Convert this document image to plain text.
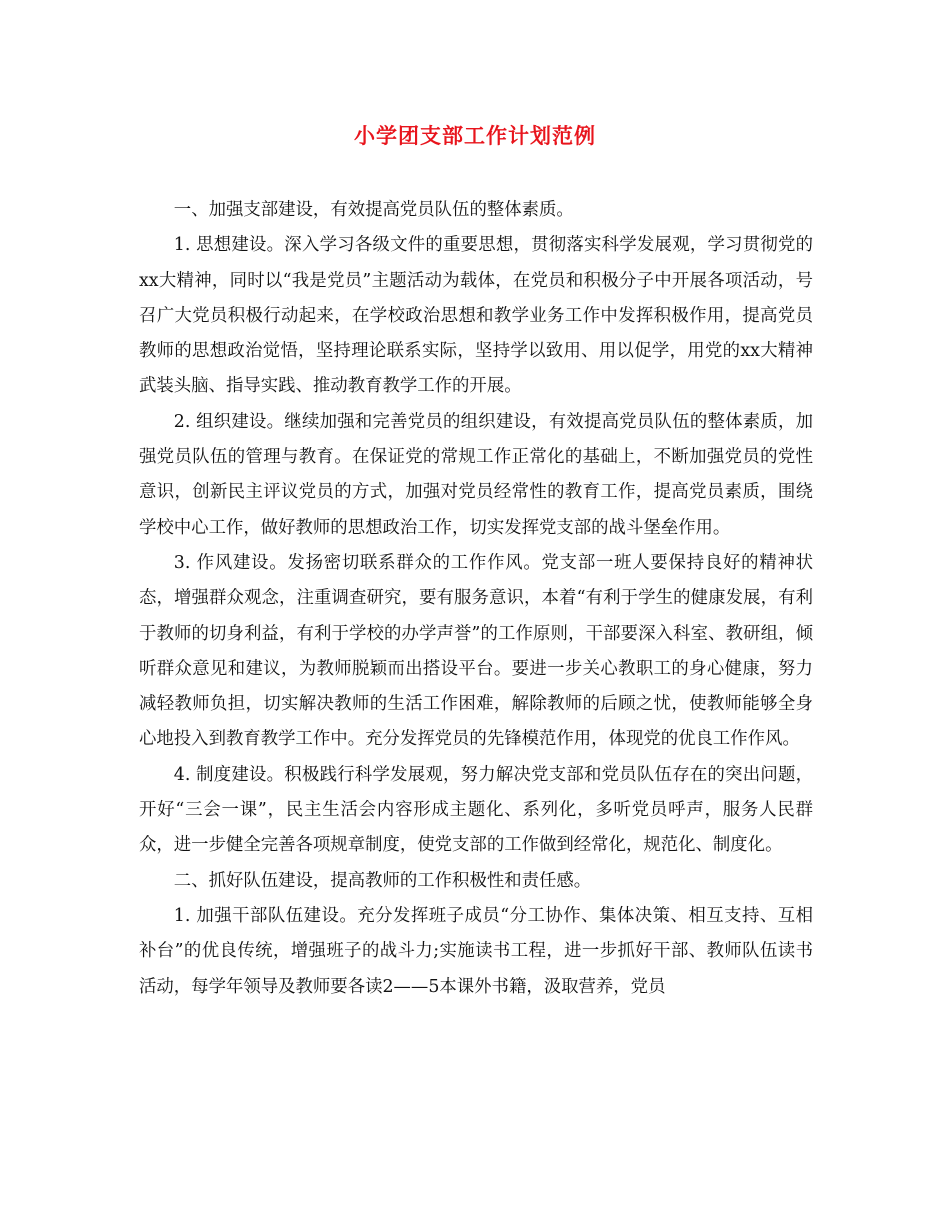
小学团支部工作计划范例

一、加强支部建设，有效提高党员队伍的整体素质。

1. 思想建设。深入学习各级文件的重要思想，贯彻落实科学发展观，学习贯彻党的xx大精神，同时以“我是党员”主题活动为载体，在党员和积极分子中开展各项活动，号召广大党员积极行动起来，在学校政治思想和教学业务工作中发挥积极作用，提高党员教师的思想政治觉悟，坚持理论联系实际，坚持学以致用、用以促学，用党的xx大精神武装头脑、指导实践、推动教育教学工作的开展。

2. 组织建设。继续加强和完善党员的组织建设，有效提高党员队伍的整体素质，加强党员队伍的管理与教育。在保证党的常规工作正常化的基础上，不断加强党员的党性意识，创新民主评议党员的方式，加强对党员经常性的教育工作，提高党员素质，围绕学校中心工作，做好教师的思想政治工作，切实发挥党支部的战斗堡垒作用。

3. 作风建设。发扬密切联系群众的工作作风。党支部一班人要保持良好的精神状态，增强群众观念，注重调查研究，要有服务意识，本着“有利于学生的健康发展，有利于教师的切身利益，有利于学校的办学声誉”的工作原则，干部要深入科室、教研组，倾听群众意见和建议，为教师脱颖而出搭设平台。要进一步关心教职工的身心健康，努力减轻教师负担，切实解决教师的生活工作困难，解除教师的后顾之忧，使教师能够全身心地投入到教育教学工作中。充分发挥党员的先锋模范作用，体现党的优良工作作风。

4. 制度建设。积极践行科学发展观，努力解决党支部和党员队伍存在的突出问题，开好“三会一课”，民主生活会内容形成主题化、系列化，多听党员呼声，服务人民群众，进一步健全完善各项规章制度，使党支部的工作做到经常化，规范化、制度化。

二、抓好队伍建设，提高教师的工作积极性和责任感。

1. 加强干部队伍建设。充分发挥班子成员“分工协作、集体决策、相互支持、互相补台”的优良传统，增强班子的战斗力;实施读书工程，进一步抓好干部、教师队伍读书活动，每学年领导及教师要各读2——5本课外书籍，汲取营养，党员
